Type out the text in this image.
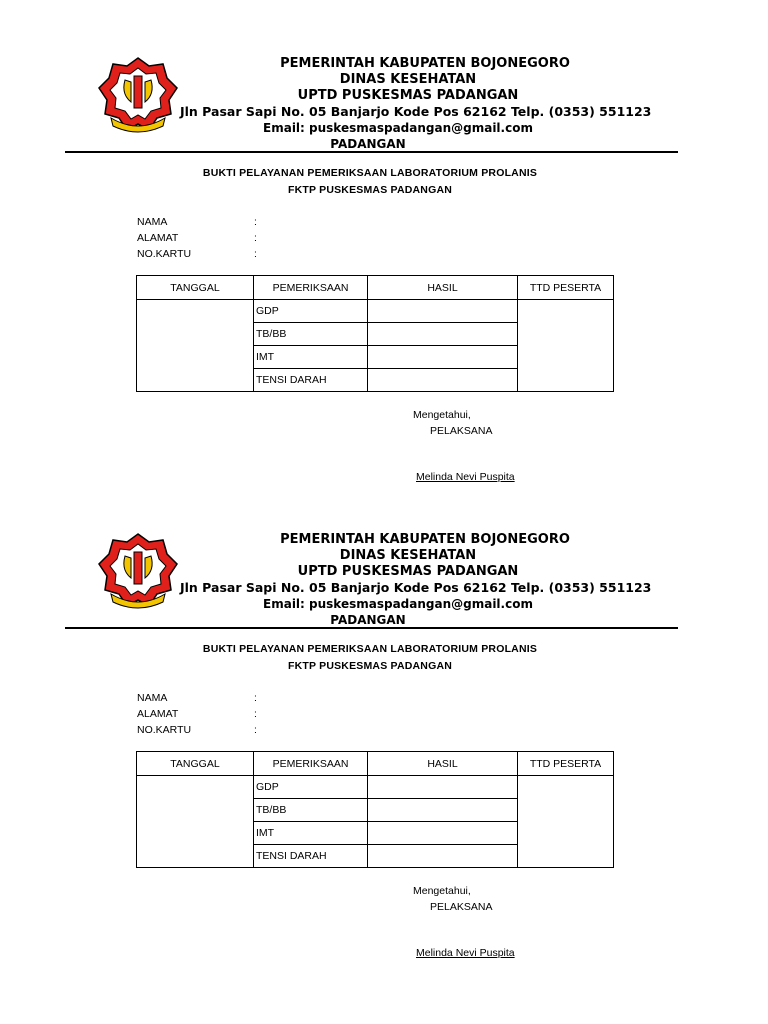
PEMERINTAH KABUPATEN BOJONEGORO
DINAS KESEHATAN
UPTD PUSKESMAS PADANGAN
Jln Pasar Sapi No. 05 Banjarjo Kode Pos 62162 Telp. (0353) 551123
Email: puskesmaspadangan@gmail.com
PADANGAN
BUKTI PELAYANAN PEMERIKSAAN LABORATORIUM PROLANIS
FKTP PUSKESMAS PADANGAN
NAMA	:
ALAMAT	:
NO.KARTU	:
TANGGAL	PEMERIKSAAN	HASIL	TTD PESERTA
	GDP		
	TB/BB		
	IMT		
	TENSI DARAH		
Mengetahui,
PELAKSANA
Melinda Nevi Puspita
PEMERINTAH KABUPATEN BOJONEGORO
DINAS KESEHATAN
UPTD PUSKESMAS PADANGAN
Jln Pasar Sapi No. 05 Banjarjo Kode Pos 62162 Telp. (0353) 551123
Email: puskesmaspadangan@gmail.com
PADANGAN
BUKTI PELAYANAN PEMERIKSAAN LABORATORIUM PROLANIS
FKTP PUSKESMAS PADANGAN
NAMA	:
ALAMAT	:
NO.KARTU	:
TANGGAL	PEMERIKSAAN	HASIL	TTD PESERTA
	GDP		
	TB/BB		
	IMT		
	TENSI DARAH		
Mengetahui,
PELAKSANA
Melinda Nevi Puspita
